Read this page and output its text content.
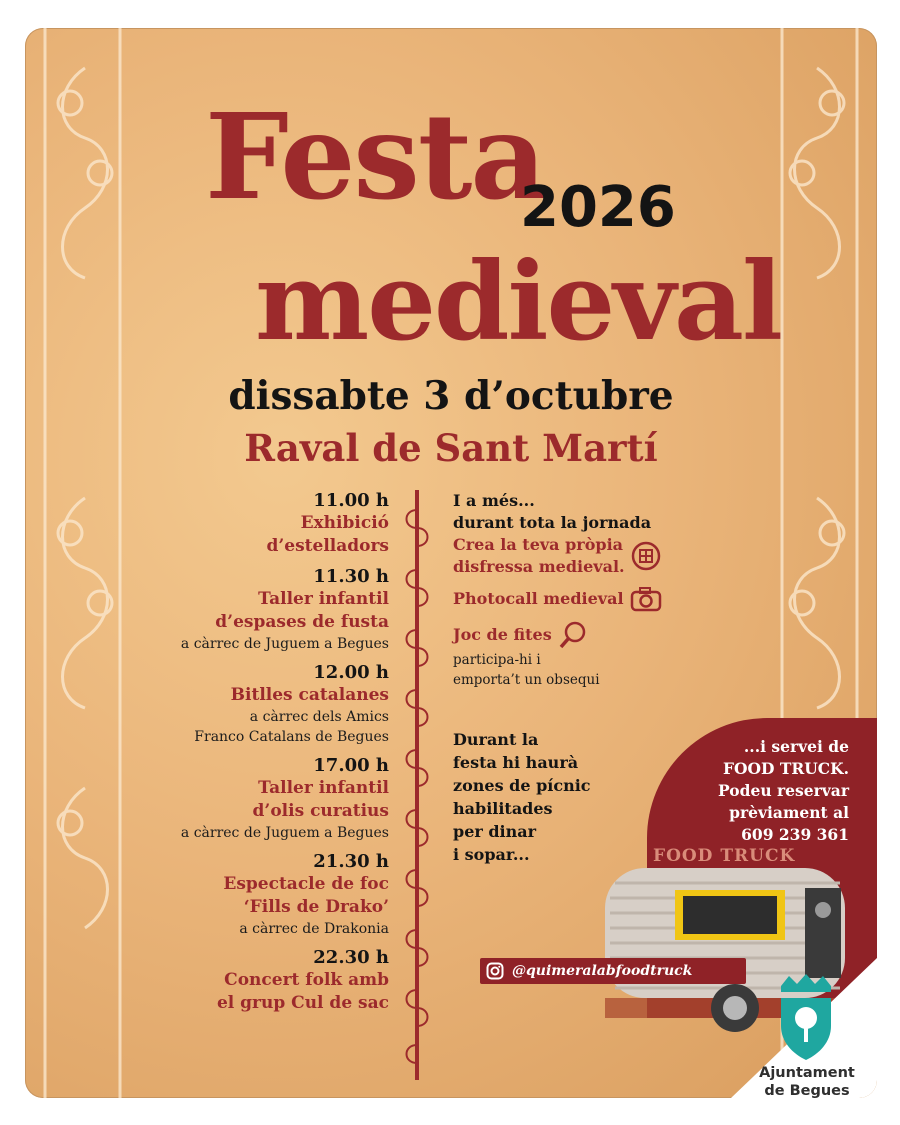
Festa
2026
medieval
dissabte 3 d’octubre
Raval de Sant Martí
11.00 h
Exhibició
d’estelladors
11.30 h
Taller infantil
d’espases de fusta
a càrrec de Juguem a Begues
12.00 h
Bitlles catalanes
a càrrec dels Amics
Franco Catalans de Begues
17.00 h
Taller infantil
d’olis curatius
a càrrec de Juguem a Begues
21.30 h
Espectacle de foc
‘Fills de Drako’
a càrrec de Drakonia
22.30 h
Concert folk amb
el grup Cul de sac
I a més...
durant tota la jornada
Crea la teva pròpia
disfressa medieval.
Photocall medieval
Joc de fites
participa-hi i
emporta’t un obsequi
Durant la
festa hi haurà
zones de pícnic
habilitades
per dinar
i sopar...
...i servei de
FOOD TRUCK.
Podeu reservar
prèviament al
609 239 361
FOOD TRUCK
@quimeralabfoodtruck
Ajuntament
de Begues
